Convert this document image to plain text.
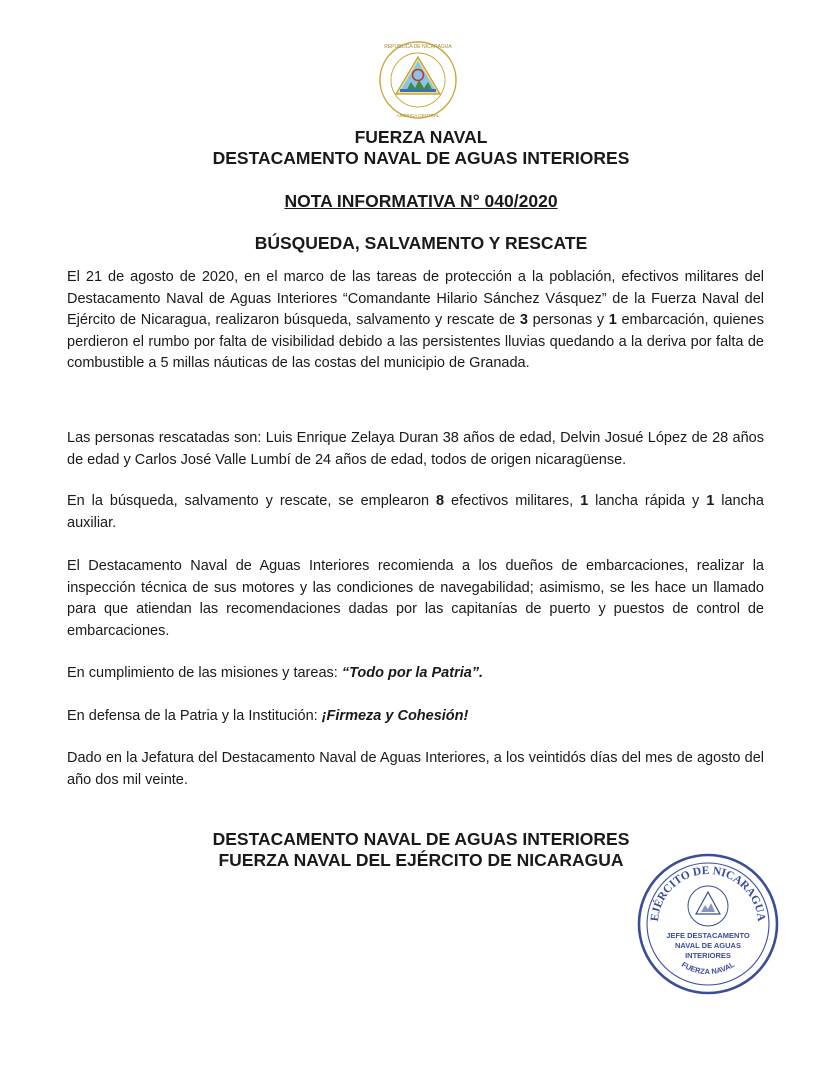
REPUBLICA DE NICARAGUA
AMERICA CENTRAL
FUERZA NAVAL
DESTACAMENTO NAVAL DE AGUAS INTERIORES
NOTA INFORMATIVA N° 040/2020
BÚSQUEDA, SALVAMENTO Y RESCATE
El 21 de agosto de 2020, en el marco de las tareas de protección a la población, efectivos militares del Destacamento Naval de Aguas Interiores “Comandante Hilario Sánchez Vásquez” de la Fuerza Naval del Ejército de Nicaragua, realizaron búsqueda, salvamento y rescate de 3 personas y 1 embarcación, quienes perdieron el rumbo por falta de visibilidad debido a las persistentes lluvias quedando a la deriva por falta de combustible a 5 millas náuticas de las costas del municipio de Granada.
Las personas rescatadas son: Luis Enrique Zelaya Duran 38 años de edad, Delvin Josué López de 28 años de edad y Carlos José Valle Lumbí de 24 años de edad, todos de origen nicaragüense.
En la búsqueda, salvamento y rescate, se emplearon 8 efectivos militares, 1 lancha rápida y 1 lancha auxiliar.
El Destacamento Naval de Aguas Interiores recomienda a los dueños de embarcaciones, realizar la inspección técnica de sus motores y las condiciones de navegabilidad; asimismo, se les hace un llamado para que atiendan las recomendaciones dadas por las capitanías de puerto y puestos de control de embarcaciones.
En cumplimiento de las misiones y tareas: “Todo por la Patria”.
En defensa de la Patria y la Institución: ¡Firmeza y Cohesión!
Dado en la Jefatura del Destacamento Naval de Aguas Interiores, a los veintidós días del mes de agosto del año dos mil veinte.
DESTACAMENTO NAVAL DE AGUAS INTERIORES
FUERZA NAVAL DEL EJÉRCITO DE NICARAGUA
EJÉRCITO DE NICARAGUA
JEFE DESTACAMENTO
NAVAL DE AGUAS
INTERIORES
FUERZA NAVAL
